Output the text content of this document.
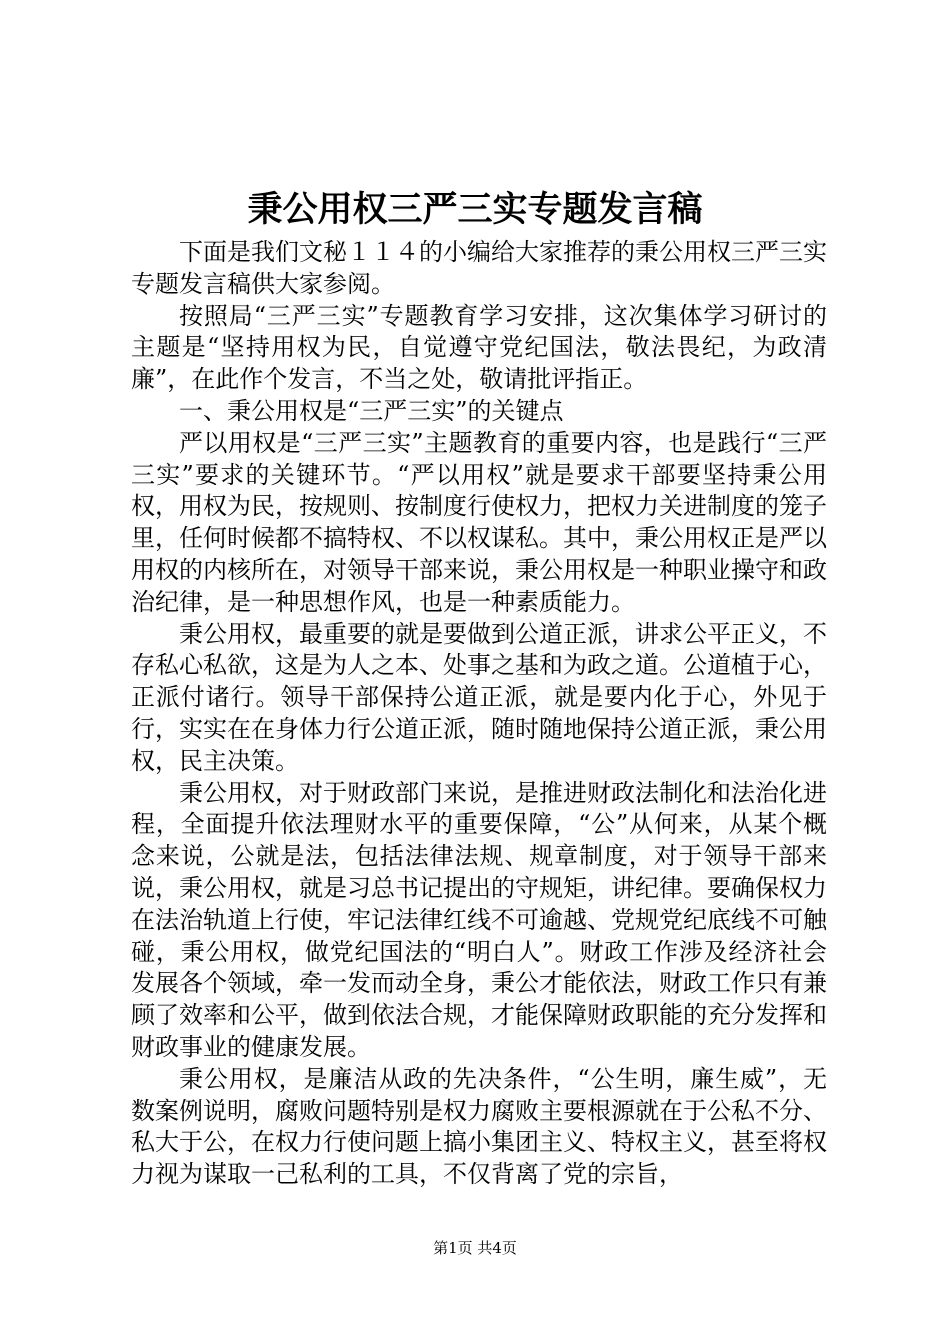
秉公用权三严三实专题发言稿

下面是我们文秘１１４的小编给大家推荐的秉公用权三严三实专题发言稿供大家参阅。

按照局“三严三实”专题教育学习安排，这次集体学习研讨的主题是“坚持用权为民，自觉遵守党纪国法，敬法畏纪，为政清廉”，在此作个发言，不当之处，敬请批评指正。

一、秉公用权是“三严三实”的关键点

严以用权是“三严三实”主题教育的重要内容，也是践行“三严三实”要求的关键环节。“严以用权”就是要求干部要坚持秉公用权，用权为民，按规则、按制度行使权力，把权力关进制度的笼子里，任何时候都不搞特权、不以权谋私。其中，秉公用权正是严以用权的内核所在，对领导干部来说，秉公用权是一种职业操守和政治纪律，是一种思想作风，也是一种素质能力。

秉公用权，最重要的就是要做到公道正派，讲求公平正义，不存私心私欲，这是为人之本、处事之基和为政之道。公道植于心，正派付诸行。领导干部保持公道正派，就是要内化于心，外见于行，实实在在身体力行公道正派，随时随地保持公道正派，秉公用权，民主决策。

秉公用权，对于财政部门来说，是推进财政法制化和法治化进程，全面提升依法理财水平的重要保障，“公”从何来，从某个概念来说，公就是法，包括法律法规、规章制度，对于领导干部来说，秉公用权，就是习总书记提出的守规矩，讲纪律。要确保权力在法治轨道上行使，牢记法律红线不可逾越、党规党纪底线不可触碰，秉公用权，做党纪国法的“明白人”。财政工作涉及经济社会发展各个领域，牵一发而动全身，秉公才能依法，财政工作只有兼顾了效率和公平，做到依法合规，才能保障财政职能的充分发挥和财政事业的健康发展。

秉公用权，是廉洁从政的先决条件，“公生明，廉生威”，无数案例说明，腐败问题特别是权力腐败主要根源就在于公私不分、私大于公，在权力行使问题上搞小集团主义、特权主义，甚至将权力视为谋取一己私利的工具，不仅背离了党的宗旨，

第1页 共4页
